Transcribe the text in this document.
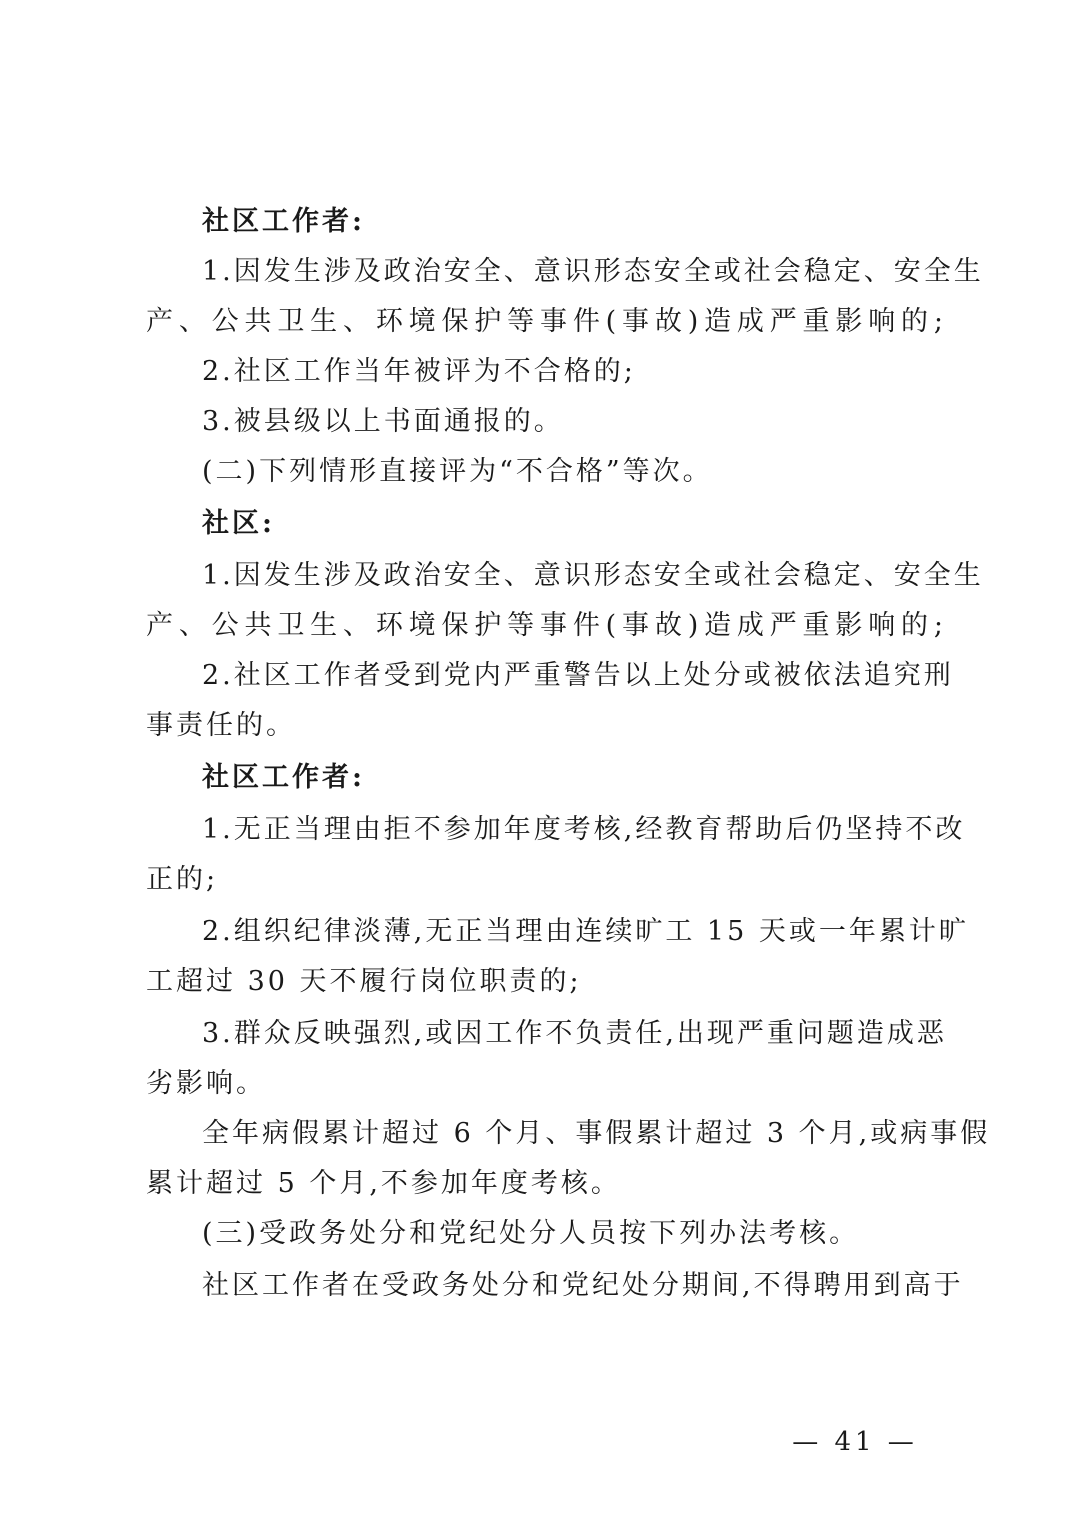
社区工作者:
1.因发生涉及政治安全、意识形态安全或社会稳定、安全生
产、公共卫生、环境保护等事件(事故)造成严重影响的;
2.社区工作当年被评为不合格的;
3.被县级以上书面通报的。
(二)下列情形直接评为“不合格”等次。
社区:
1.因发生涉及政治安全、意识形态安全或社会稳定、安全生
产、公共卫生、环境保护等事件(事故)造成严重影响的;
2.社区工作者受到党内严重警告以上处分或被依法追究刑
事责任的。
社区工作者:
1.无正当理由拒不参加年度考核,经教育帮助后仍坚持不改
正的;
2.组织纪律淡薄,无正当理由连续旷工 15 天或一年累计旷
工超过 30 天不履行岗位职责的;
3.群众反映强烈,或因工作不负责任,出现严重问题造成恶
劣影响。
全年病假累计超过 6 个月、事假累计超过 3 个月,或病事假
累计超过 5 个月,不参加年度考核。
(三)受政务处分和党纪处分人员按下列办法考核。
社区工作者在受政务处分和党纪处分期间,不得聘用到高于
— 41 —
